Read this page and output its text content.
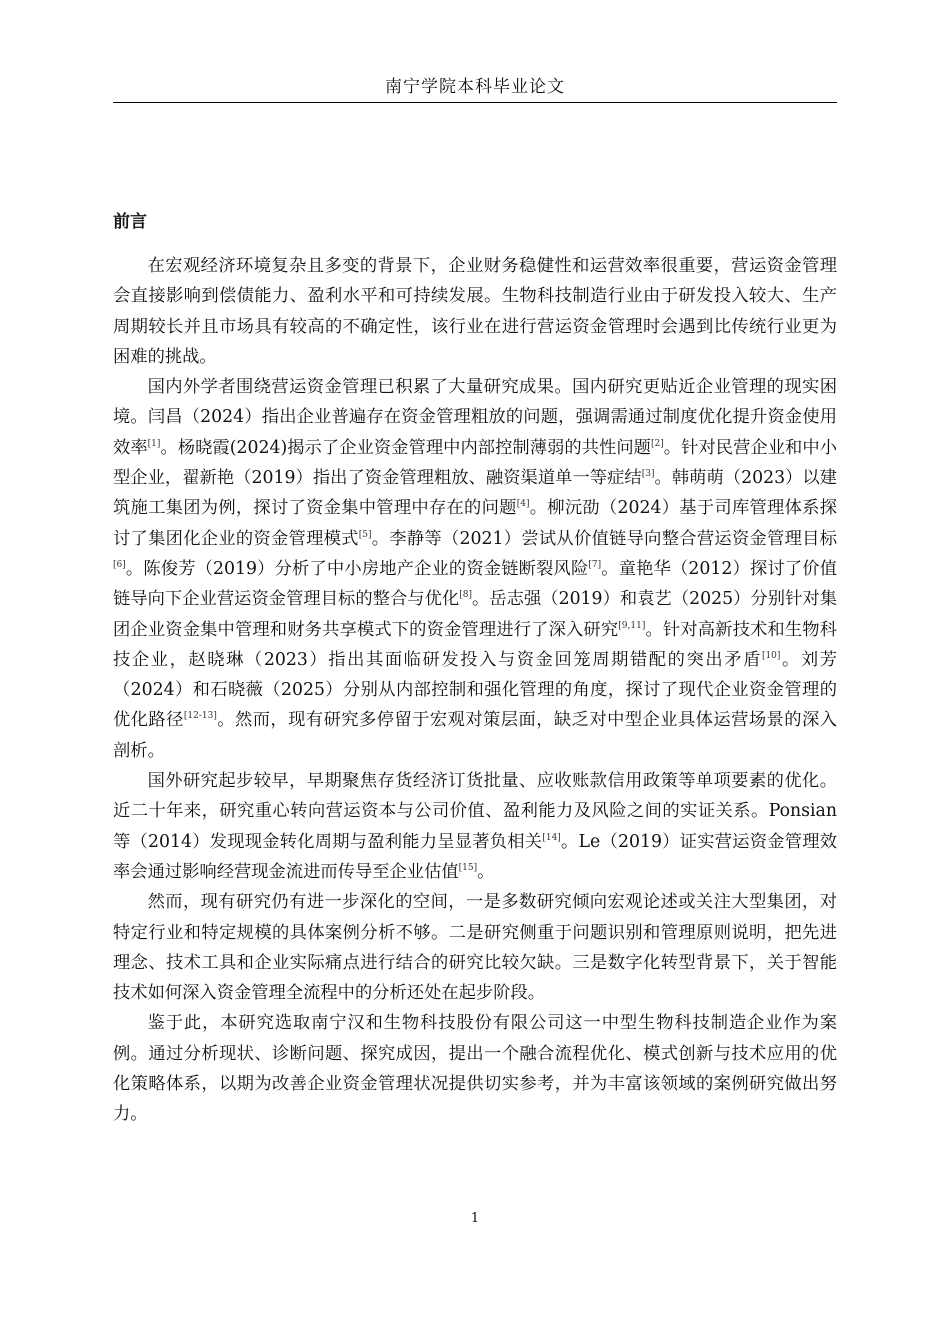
南宁学院本科毕业论文
前言

在宏观经济环境复杂且多变的背景下，企业财务稳健性和运营效率很重要，营运资金管理会直接影响到偿债能力、盈利水平和可持续发展。生物科技制造行业由于研发投入较大、生产周期较长并且市场具有较高的不确定性，该行业在进行营运资金管理时会遇到比传统行业更为困难的挑战。

国内外学者围绕营运资金管理已积累了大量研究成果。国内研究更贴近企业管理的现实困境。闫昌（2024）指出企业普遍存在资金管理粗放的问题，强调需通过制度优化提升资金使用效率[1]。杨晓霞(2024)揭示了企业资金管理中内部控制薄弱的共性问题[2]。针对民营企业和中小型企业，翟新艳（2019）指出了资金管理粗放、融资渠道单一等症结[3]。韩萌萌（2023）以建筑施工集团为例，探讨了资金集中管理中存在的问题[4]。柳沅劭（2024）基于司库管理体系探讨了集团化企业的资金管理模式[5]。李静等（2021）尝试从价值链导向整合营运资金管理目标[6]。陈俊芳（2019）分析了中小房地产企业的资金链断裂风险[7]。童艳华（2012）探讨了价值链导向下企业营运资金管理目标的整合与优化[8]。岳志强（2019）和袁艺（2025）分别针对集团企业资金集中管理和财务共享模式下的资金管理进行了深入研究[9,11]。针对高新技术和生物科技企业，赵晓琳（2023）指出其面临研发投入与资金回笼周期错配的突出矛盾[10]。刘芳（2024）和石晓薇（2025）分别从内部控制和强化管理的角度，探讨了现代企业资金管理的优化路径[12-13]。然而，现有研究多停留于宏观对策层面，缺乏对中型企业具体运营场景的深入剖析。

国外研究起步较早，早期聚焦存货经济订货批量、应收账款信用政策等单项要素的优化。近二十年来，研究重心转向营运资本与公司价值、盈利能力及风险之间的实证关系。Ponsian 等（2014）发现现金转化周期与盈利能力呈显著负相关[14]。Le（2019）证实营运资金管理效率会通过影响经营现金流进而传导至企业估值[15]。

然而，现有研究仍有进一步深化的空间，一是多数研究倾向宏观论述或关注大型集团，对特定行业和特定规模的具体案例分析不够。二是研究侧重于问题识别和管理原则说明，把先进理念、技术工具和企业实际痛点进行结合的研究比较欠缺。三是数字化转型背景下，关于智能技术如何深入资金管理全流程中的分析还处在起步阶段。

鉴于此，本研究选取南宁汉和生物科技股份有限公司这一中型生物科技制造企业作为案例。通过分析现状、诊断问题、探究成因，提出一个融合流程优化、模式创新与技术应用的优化策略体系，以期为改善企业资金管理状况提供切实参考，并为丰富该领域的案例研究做出努力。

1
